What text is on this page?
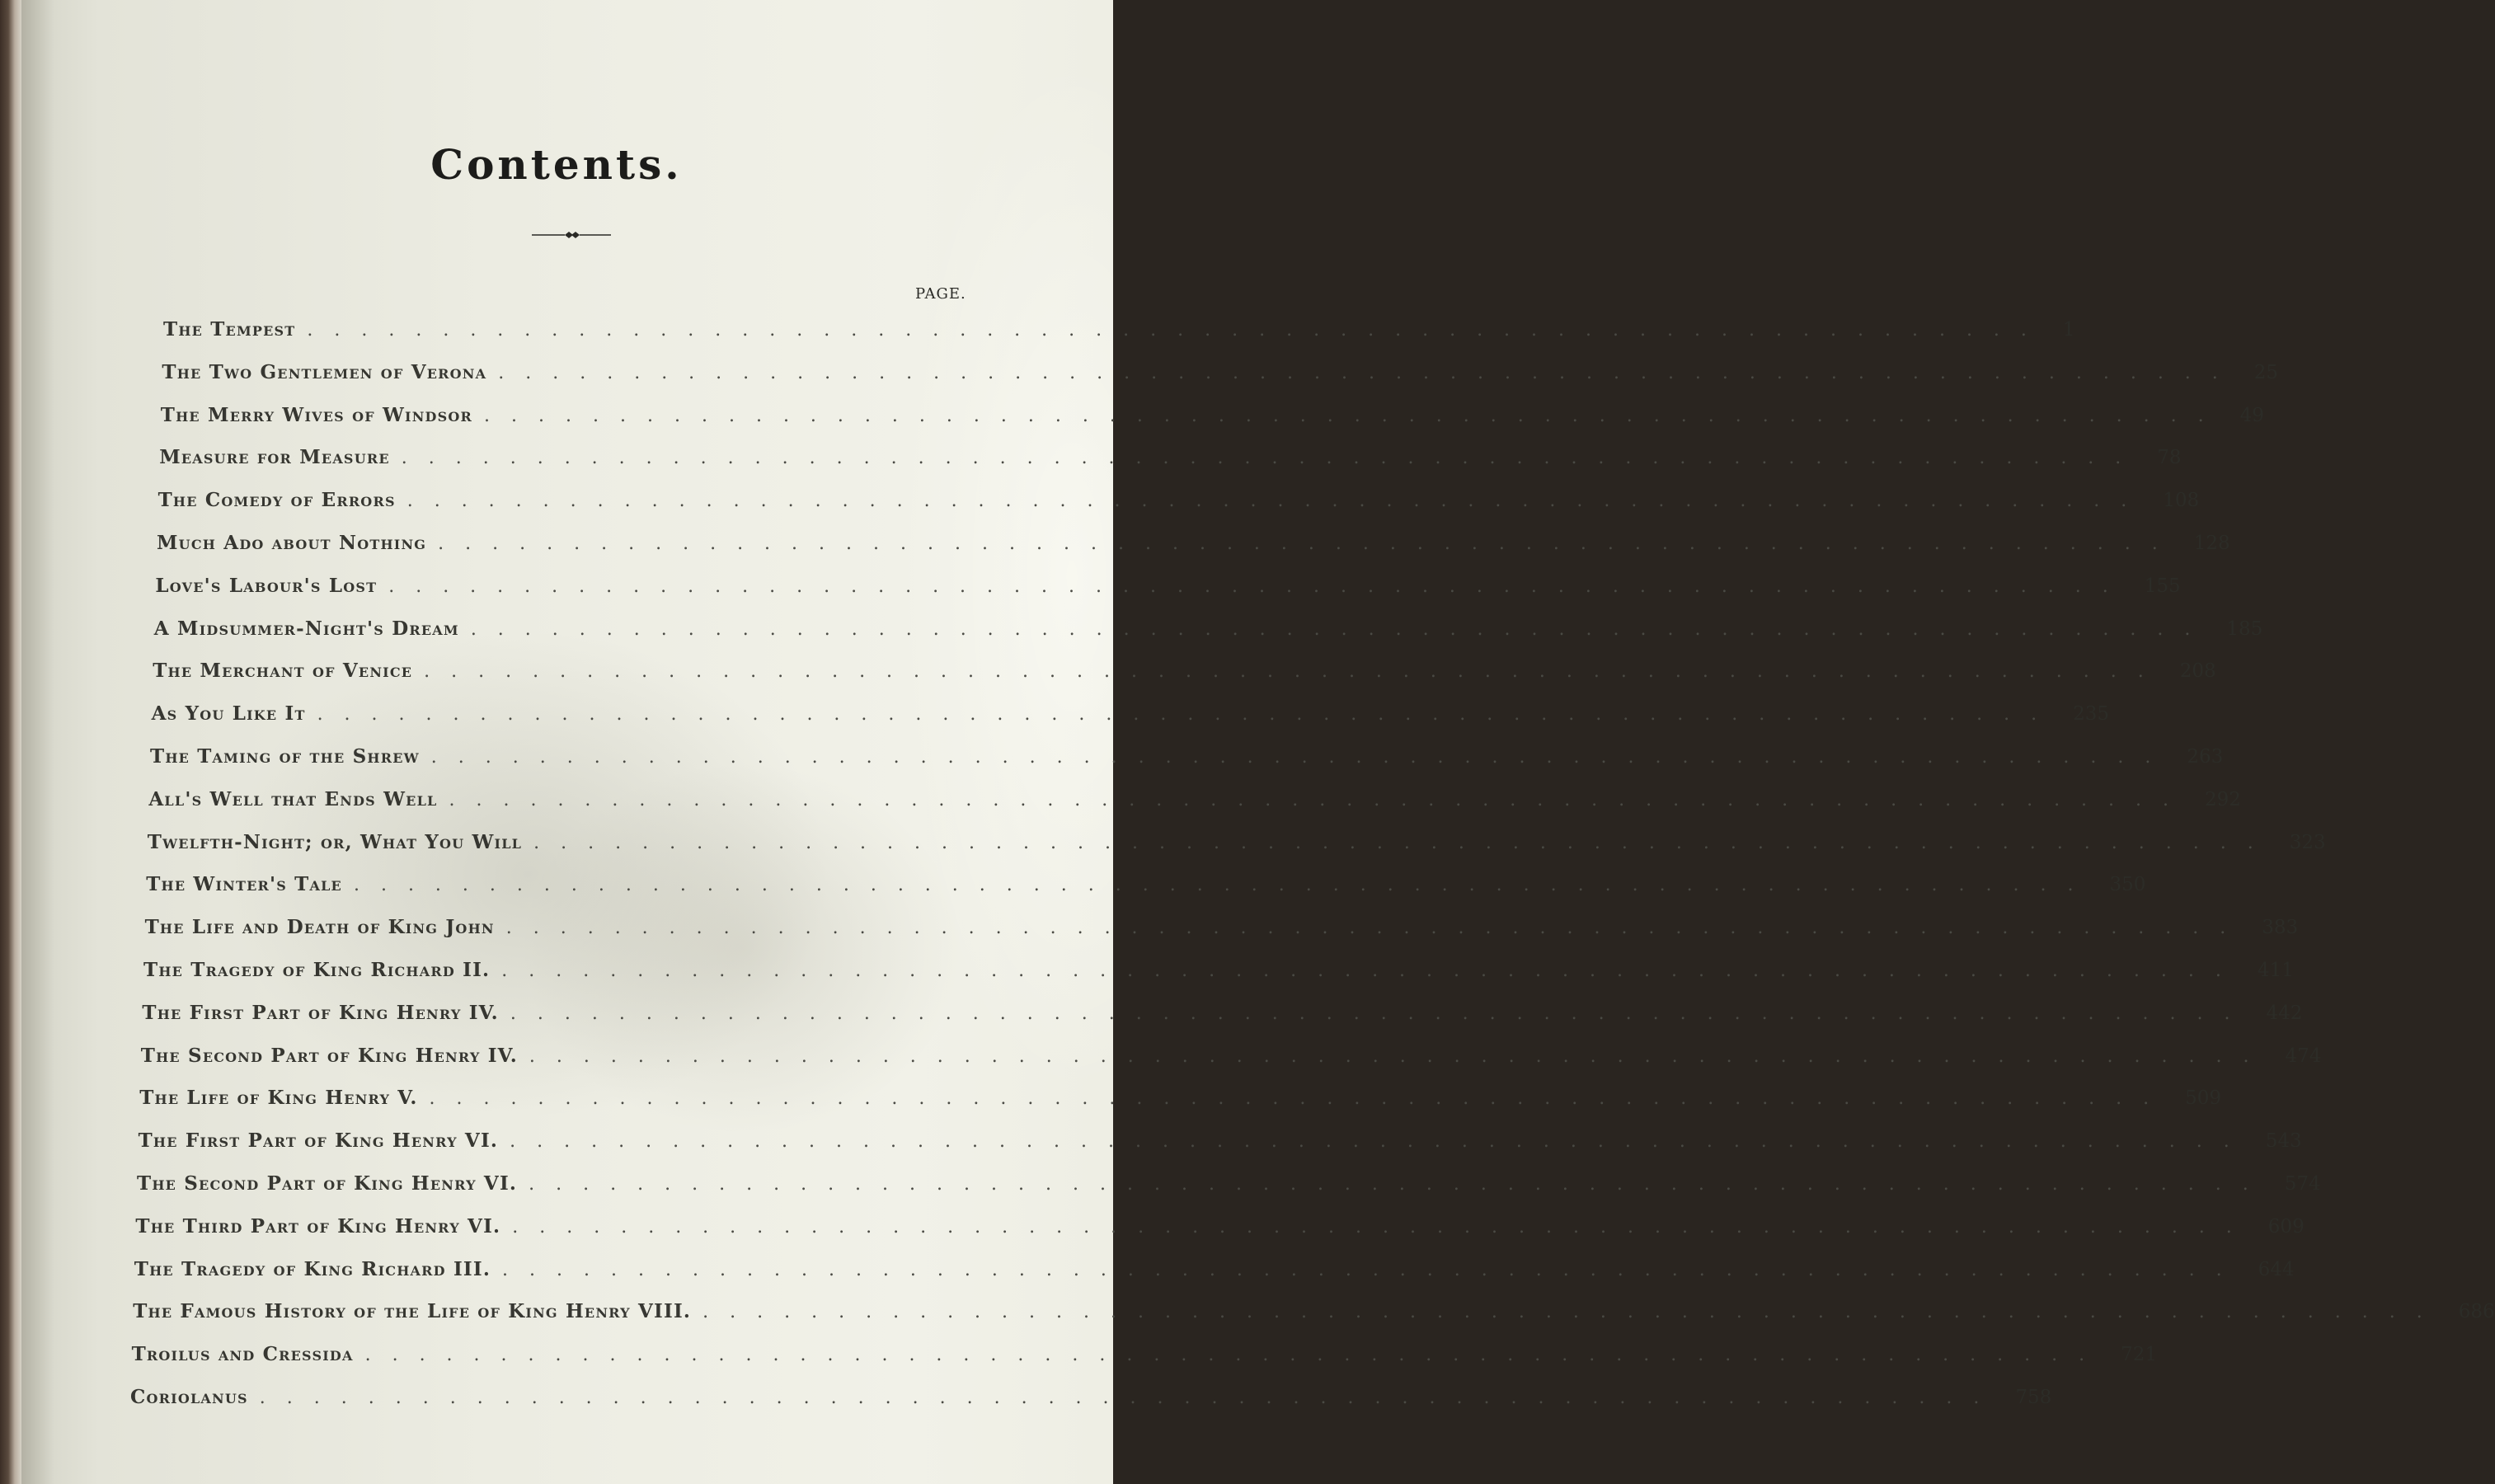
Contents.
PAGE.
The Tempest ................................................................ 1
The Two Gentlemen of Verona ................................................................ 25
The Merry Wives of Windsor ................................................................ 49
Measure for Measure ................................................................ 78
The Comedy of Errors ................................................................ 108
Much Ado about Nothing ................................................................ 128
Love's Labour's Lost ................................................................ 155
A Midsummer-Night's Dream ................................................................ 185
The Merchant of Venice ................................................................ 208
As You Like It ................................................................ 235
The Taming of the Shrew ................................................................ 263
All's Well that Ends Well ................................................................ 292
Twelfth-Night; or, What You Will ................................................................ 323
The Winter's Tale ................................................................ 350
The Life and Death of King John ................................................................ 383
The Tragedy of King Richard II. ................................................................ 411
The First Part of King Henry IV. ................................................................ 442
The Second Part of King Henry IV. ................................................................ 474
The Life of King Henry V. ................................................................ 509
The First Part of King Henry VI. ................................................................ 543
The Second Part of King Henry VI. ................................................................ 574
The Third Part of King Henry VI. ................................................................ 609
The Tragedy of King Richard III. ................................................................ 644
The Famous History of the Life of King Henry VIII. ................................................................ 686
Troilus and Cressida ................................................................ 721
Coriolanus ................................................................ 758
